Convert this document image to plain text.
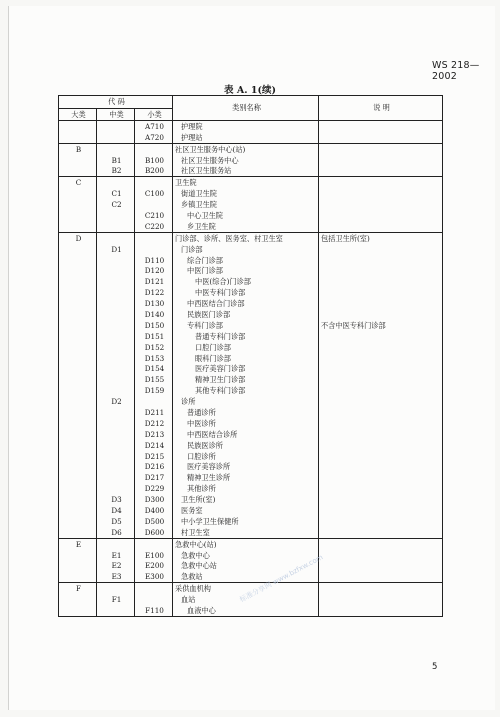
WS 218—2002
表 A. 1(续)
代 码			类别名称	说 明
大类	中类	小类		
		A710	护理院	
		A720	护理站	
B			社区卫生服务中心(站)	
	B1	B100	社区卫生服务中心	
	B2	B200	社区卫生服务站	
C			卫生院	
	C1	C100	街道卫生院	
	C2		乡镇卫生院	
		C210	中心卫生院	
		C220	乡卫生院	
D			门诊部、诊所、医务室、村卫生室	包括卫生所(室)
	D1		门诊部	
		D110	综合门诊部	
		D120	中医门诊部	
		D121	中医(综合)门诊部	
		D122	中医专科门诊部	
		D130	中西医结合门诊部	
		D140	民族医门诊部	
		D150	专科门诊部	不含中医专科门诊部
		D151	普通专科门诊部	
		D152	口腔门诊部	
		D153	眼科门诊部	
		D154	医疗美容门诊部	
		D155	精神卫生门诊部	
		D159	其他专科门诊部	
	D2		诊所	
		D211	普通诊所	
		D212	中医诊所	
		D213	中西医结合诊所	
		D214	民族医诊所	
		D215	口腔诊所	
		D216	医疗美容诊所	
		D217	精神卫生诊所	
		D229	其他诊所	
	D3	D300	卫生所(室)	
	D4	D400	医务室	
	D5	D500	中小学卫生保健所	
	D6	D600	村卫生室	
E			急救中心(站)	
	E1	E100	急救中心	
	E2	E200	急救中心站	
	E3	E300	急救站	
F			采供血机构	
	F1		血站	
		F110	血液中心	
标准分享网 www.bzfxw.com
5
